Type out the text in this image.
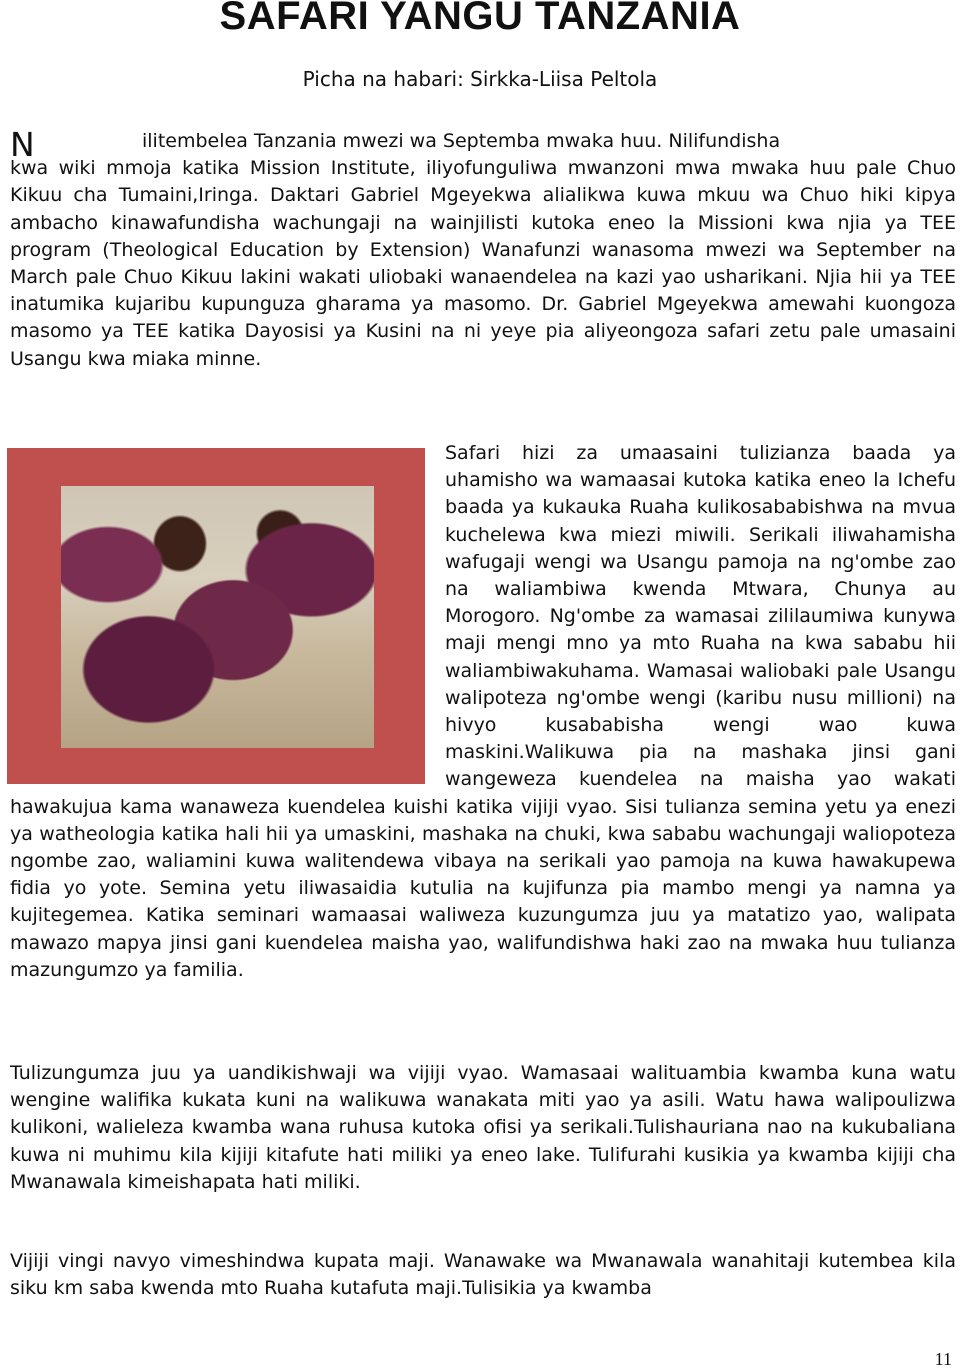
SAFARI YANGU TANZANIA

Picha na habari: Sirkka-Liisa Peltola

N	ilitembelea Tanzania mwezi wa Septemba mwaka huu. Nilifundisha
kwa wiki mmoja katika Mission Institute, iliyofunguliwa mwanzoni mwa mwaka huu pale Chuo Kikuu cha Tumaini,Iringa. Daktari Gabriel Mgeyekwa alialikwa kuwa mkuu wa Chuo hiki kipya ambacho kinawafundisha wachungaji na wainjilisti kutoka eneo la Missioni kwa njia ya TEE program (Theological Education by Extension) Wanafunzi wanasoma mwezi wa September na March pale Chuo Kikuu lakini wakati uliobaki wanaendelea na kazi yao usharikani. Njia hii ya TEE inatumika kujaribu kupunguza gharama ya masomo. Dr. Gabriel Mgeyekwa amewahi kuongoza masomo ya TEE katika Dayosisi ya Kusini na ni yeye pia aliyeongoza safari zetu pale umasaini Usangu kwa miaka minne.

Safari hizi za umaasaini tulizianza baada ya uhamisho wa wamaasai kutoka katika eneo la Ichefu baada ya kukauka Ruaha kulikosababishwa na mvua kuchelewa kwa miezi miwili. Serikali iliwahamisha wafugaji wengi wa Usangu pamoja na ng'ombe zao na waliambiwa kwenda Mtwara, Chunya au Morogoro. Ng'ombe za wamasai zililaumiwa kunywa maji mengi mno ya mto Ruaha na kwa sababu hii waliambiwakuhama. Wamasai waliobaki pale Usangu walipoteza ng'ombe wengi (karibu nusu millioni) na hivyo kusababisha wengi wao kuwa maskini.Walikuwa pia na mashaka jinsi gani wangeweza kuendelea na maisha yao wakati hawakujua kama wanaweza kuendelea kuishi katika vijiji vyao. Sisi tulianza semina yetu ya enezi ya watheologia katika hali hii ya umaskini, mashaka na chuki, kwa sababu wachungaji waliopoteza ngombe zao, waliamini kuwa walitendewa vibaya na serikali yao pamoja na kuwa hawakupewa fidia yo yote. Semina yetu iliwasaidia kutulia na kujifunza pia mambo mengi ya namna ya kujitegemea. Katika seminari wamaasai waliweza kuzungumza juu ya matatizo yao, walipata mawazo mapya jinsi gani kuendelea maisha yao, walifundishwa haki zao na mwaka huu tulianza mazungumzo ya familia.

Tulizungumza juu ya uandikishwaji wa vijiji vyao. Wamasaai walituambia kwamba kuna watu wengine walifika kukata kuni na walikuwa wanakata miti yao ya asili. Watu hawa walipoulizwa kulikoni, walieleza kwamba wana ruhusa kutoka ofisi ya serikali.Tulishauriana nao na kukubaliana kuwa ni muhimu kila kijiji kitafute hati miliki ya eneo lake. Tulifurahi kusikia ya kwamba kijiji cha Mwanawala kimeishapata hati miliki.

Vijiji vingi navyo vimeshindwa kupata maji. Wanawake wa Mwanawala wanahitaji kutembea kila siku km saba kwenda mto Ruaha kutafuta maji.Tulisikia ya kwamba

11
